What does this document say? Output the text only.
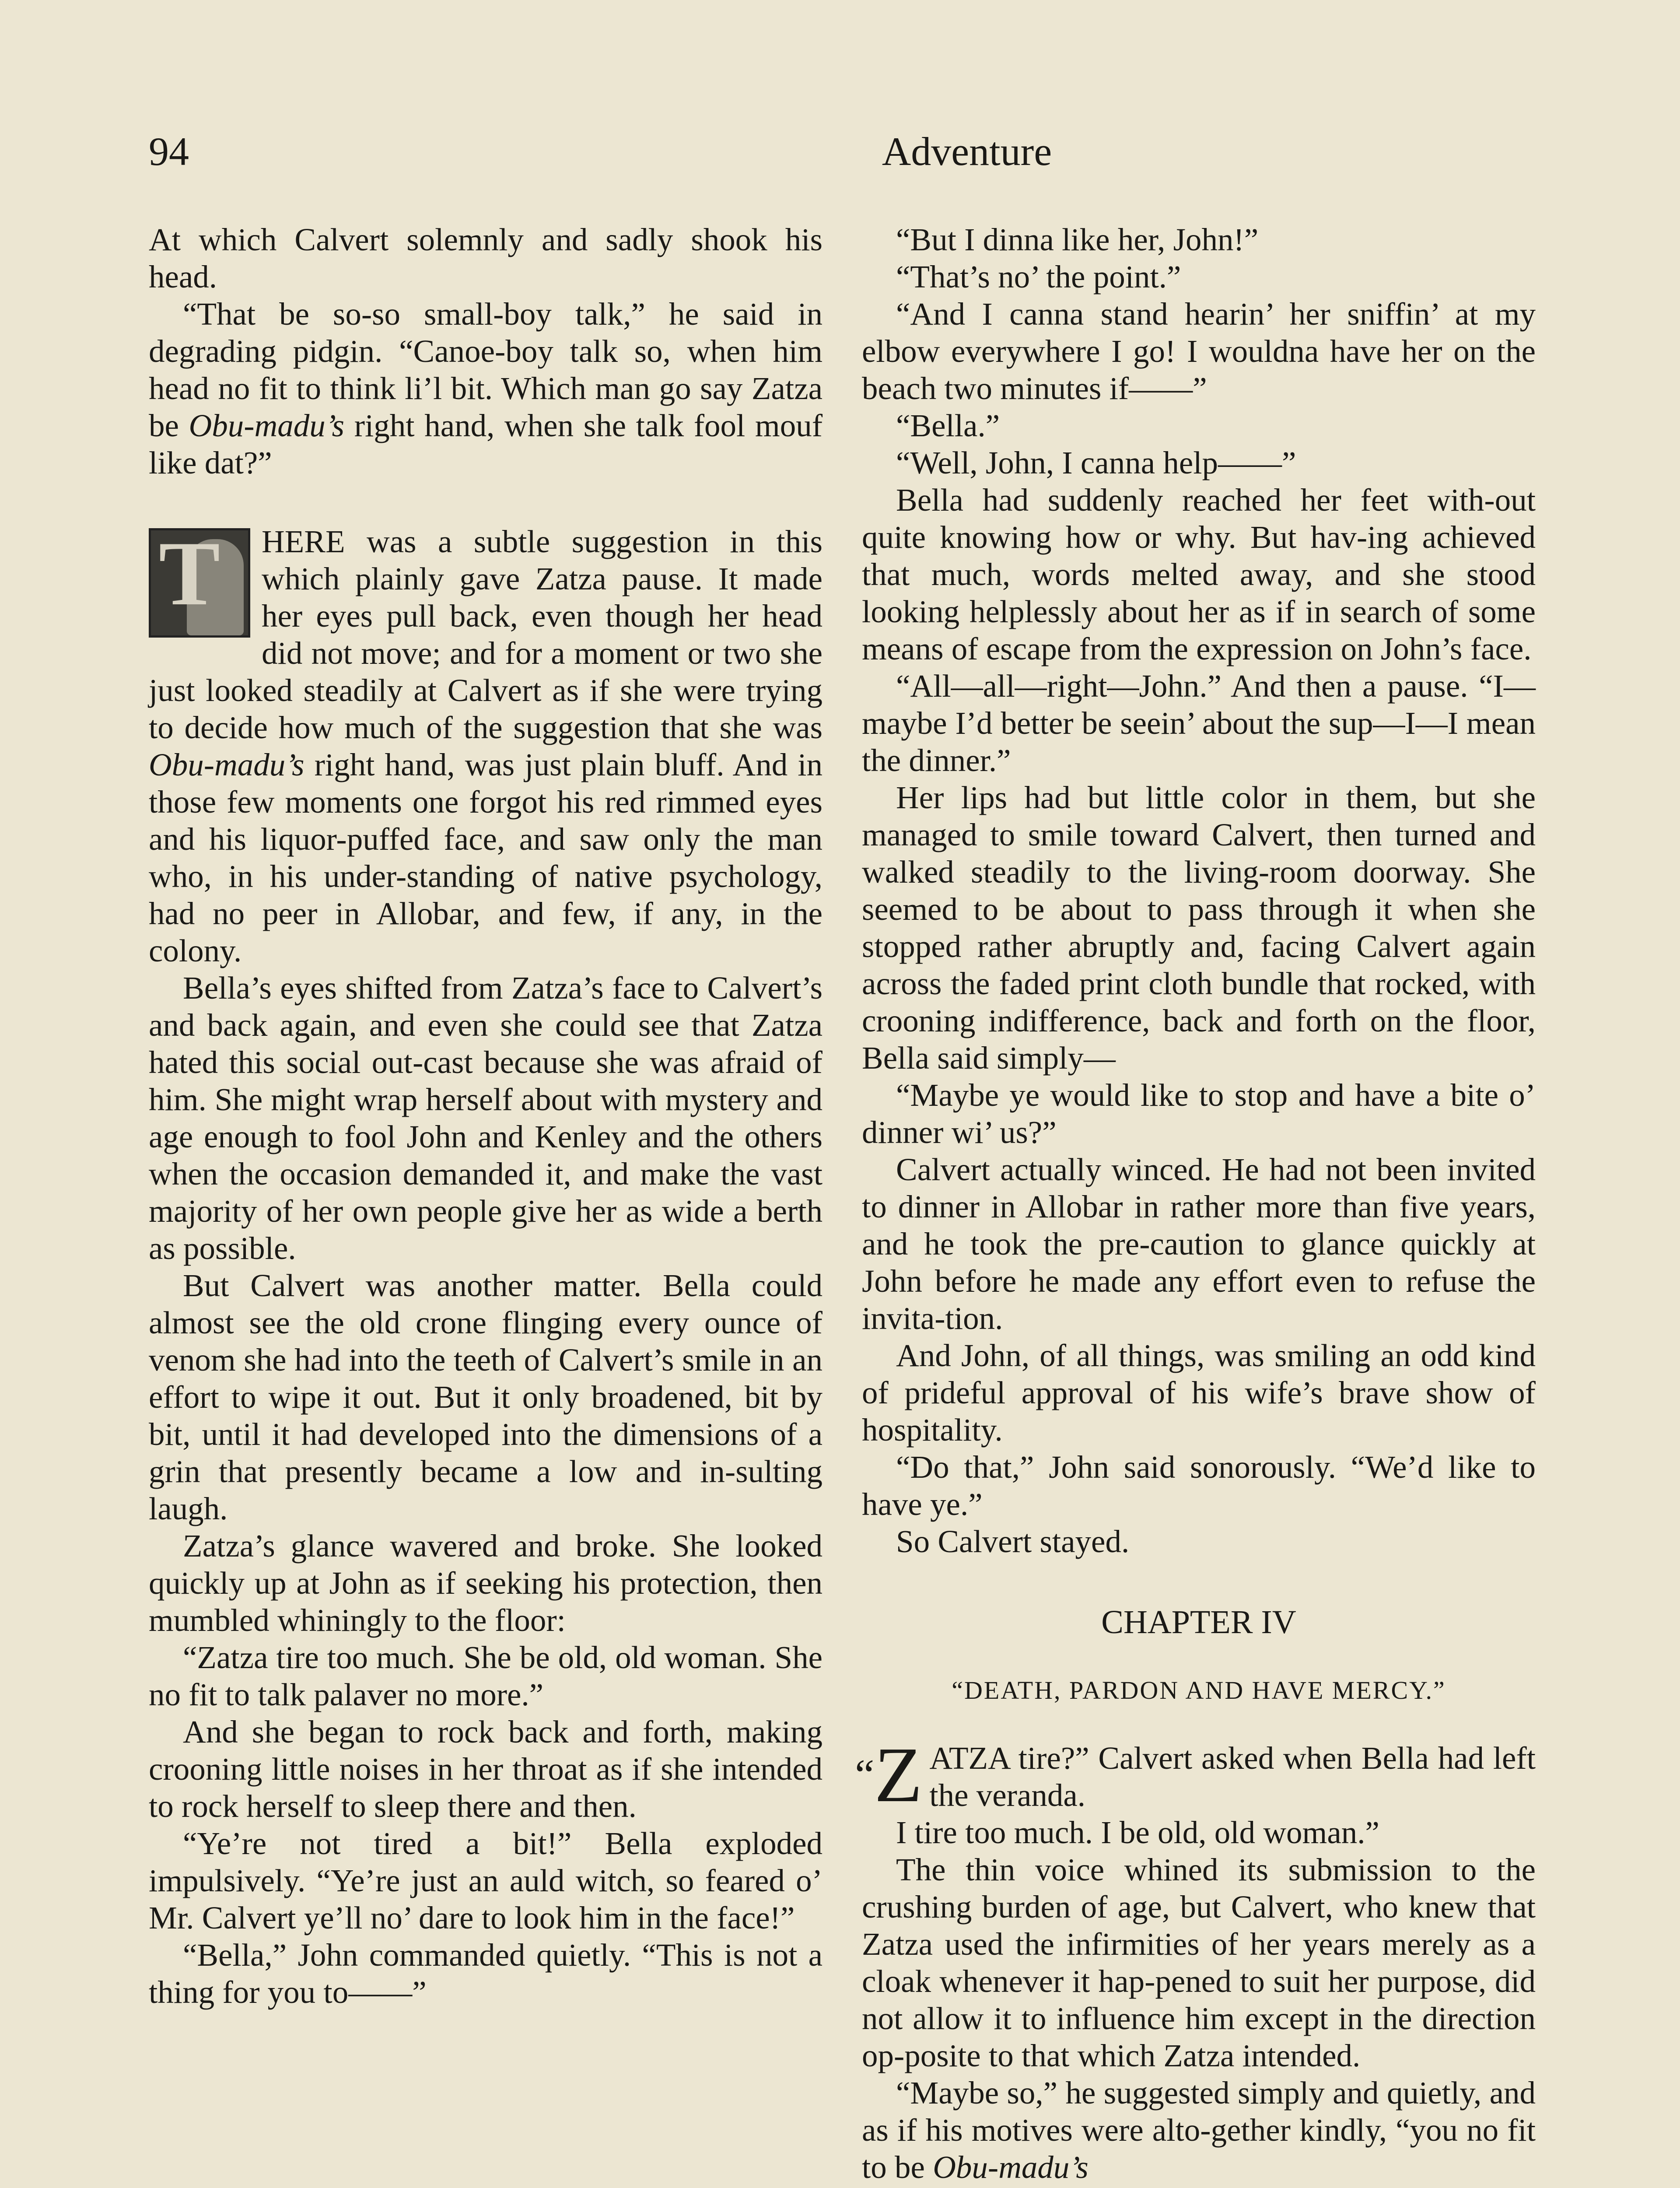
94	Adventure

At which Calvert solemnly and sadly shook his head.

“That be so-so small-boy talk,” he said in degrading pidgin. “Canoe-boy talk so, when him head no fit to think li’l bit. Which man go say Zatza be Obu-madu’s right hand, when she talk fool mouf like dat?”

T HERE was a subtle suggestion in this which plainly gave Zatza pause. It made her eyes pull back, even though her head did not move; and for a moment or two she just looked steadily at Calvert as if she were trying to decide how much of the suggestion that she was Obu-madu’s right hand, was just plain bluff. And in those few moments one forgot his red rimmed eyes and his liquor-puffed face, and saw only the man who, in his under-standing of native psychology, had no peer in Allobar, and few, if any, in the colony.

Bella’s eyes shifted from Zatza’s face to Calvert’s and back again, and even she could see that Zatza hated this social out-cast because she was afraid of him. She might wrap herself about with mystery and age enough to fool John and Kenley and the others when the occasion demanded it, and make the vast majority of her own people give her as wide a berth as possible.

But Calvert was another matter. Bella could almost see the old crone flinging every ounce of venom she had into the teeth of Calvert’s smile in an effort to wipe it out. But it only broadened, bit by bit, until it had developed into the dimensions of a grin that presently became a low and in-sulting laugh.

Zatza’s glance wavered and broke. She looked quickly up at John as if seeking his protection, then mumbled whiningly to the floor:

“Zatza tire too much. She be old, old woman. She no fit to talk palaver no more.”

And she began to rock back and forth, making crooning little noises in her throat as if she intended to rock herself to sleep there and then.

“Ye’re not tired a bit!” Bella exploded impulsively. “Ye’re just an auld witch, so feared o’ Mr. Calvert ye’ll no’ dare to look him in the face!”

“Bella,” John commanded quietly. “This is not a thing for you to——”

“But I dinna like her, John!”

“That’s no’ the point.”

“And I canna stand hearin’ her sniffin’ at my elbow everywhere I go! I wouldna have her on the beach two minutes if——”

“Bella.”

“Well, John, I canna help——”

Bella had suddenly reached her feet with-out quite knowing how or why. But hav-ing achieved that much, words melted away, and she stood looking helplessly about her as if in search of some means of escape from the expression on John’s face.

“All—all—right—John.” And then a pause. “I—maybe I’d better be seein’ about the sup—I—I mean the dinner.”

Her lips had but little color in them, but she managed to smile toward Calvert, then turned and walked steadily to the living-room doorway. She seemed to be about to pass through it when she stopped rather abruptly and, facing Calvert again across the faded print cloth bundle that rocked, with crooning indifference, back and forth on the floor, Bella said simply—

“Maybe ye would like to stop and have a bite o’ dinner wi’ us?”

Calvert actually winced. He had not been invited to dinner in Allobar in rather more than five years, and he took the pre-caution to glance quickly at John before he made any effort even to refuse the invita-tion.

And John, of all things, was smiling an odd kind of prideful approval of his wife’s brave show of hospitality.

“Do that,” John said sonorously. “We’d like to have ye.”

So Calvert stayed.

CHAPTER IV

“DEATH, PARDON AND HAVE MERCY.”

“Z ATZA tire?” Calvert asked when Bella had left the veranda.

I tire too much. I be old, old woman.”

The thin voice whined its submission to the crushing burden of age, but Calvert, who knew that Zatza used the infirmities of her years merely as a cloak whenever it hap-pened to suit her purpose, did not allow it to influence him except in the direction op-posite to that which Zatza intended.

“Maybe so,” he suggested simply and quietly, and as if his motives were alto-gether kindly, “you no fit to be Obu-madu’s
